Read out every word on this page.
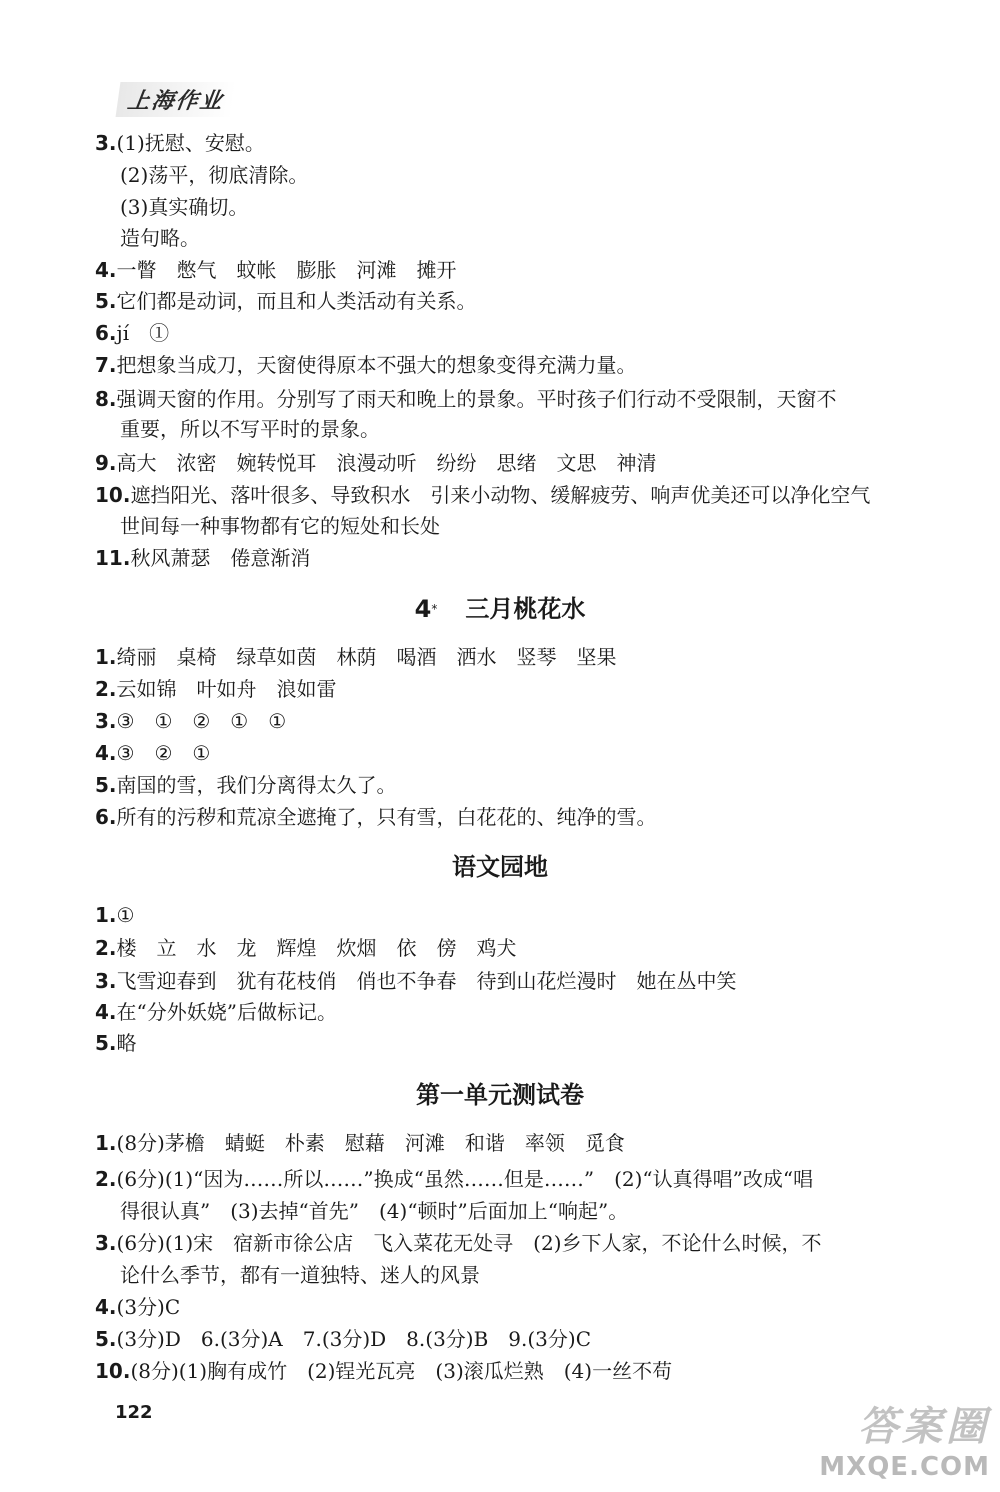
上海作业
3.(1)抚慰、安慰。
(2)荡平，彻底清除。
(3)真实确切。
造句略。
4.一瞥　憋气　蚊帐　膨胀　河滩　摊开
5.它们都是动词，而且和人类活动有关系。
6.jí　①
7.把想象当成刀，天窗使得原本不强大的想象变得充满力量。
8.强调天窗的作用。分别写了雨天和晚上的景象。平时孩子们行动不受限制，天窗不
重要，所以不写平时的景象。
9.高大　浓密　婉转悦耳　浪漫动听　纷纷　思绪　文思　神清
10.遮挡阳光、落叶很多、导致积水　引来小动物、缓解疲劳、响声优美还可以净化空气
世间每一种事物都有它的短处和长处
11.秋风萧瑟　倦意渐消
1.绮丽　桌椅　绿草如茵　林荫　喝酒　洒水　竖琴　坚果
2.云如锦　叶如舟　浪如雷
3.③　①　②　①　①
4.③　②　①
5.南国的雪，我们分离得太久了。
6.所有的污秽和荒凉全遮掩了，只有雪，白花花的、纯净的雪。
1.①
2.楼　立　水　龙　辉煌　炊烟　依　傍　鸡犬
3.飞雪迎春到　犹有花枝俏　俏也不争春　待到山花烂漫时　她在丛中笑
4.在“分外妖娆”后做标记。
5.略
1.(8分)茅檐　蜻蜓　朴素　慰藉　河滩　和谐　率领　觅食
2.(6分)(1)“因为……所以……”换成“虽然……但是……”　(2)“认真得唱”改成“唱
得很认真”　(3)去掉“首先”　(4)“顿时”后面加上“响起”。
3.(6分)(1)宋　宿新市徐公店　飞入菜花无处寻　(2)乡下人家，不论什么时候，不
论什么季节，都有一道独特、迷人的风景
4.(3分)C
5.(3分)D　6.(3分)A　7.(3分)D　8.(3分)B　9.(3分)C
10.(8分)(1)胸有成竹　(2)锃光瓦亮　(3)滚瓜烂熟　(4)一丝不苟
4* 三月桃花水
语文园地
第一单元测试卷
122	答案圈
MXQE.COM
